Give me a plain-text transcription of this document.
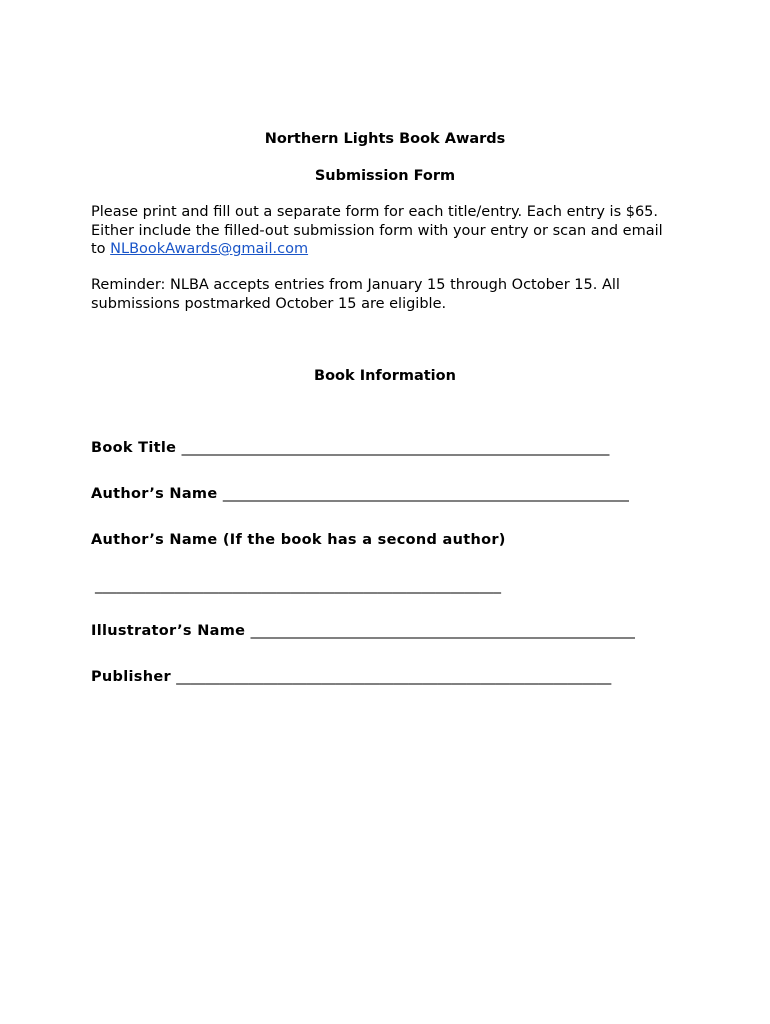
Northern Lights Book Awards
Submission Form
Please print and fill out a separate form for each title/entry. Each entry is $65.
Either include the filled-out submission form with your entry or scan and email
to NLBookAwards@gmail.com
Reminder: NLBA accepts entries from January 15 through October 15. All
submissions postmarked October 15 are eligible.
Book Information
Book Title ___________________________________________________________
Author’s Name ________________________________________________________
Author’s Name (If the book has a second author)
________________________________________________________
Illustrator’s Name _____________________________________________________
Publisher ____________________________________________________________
